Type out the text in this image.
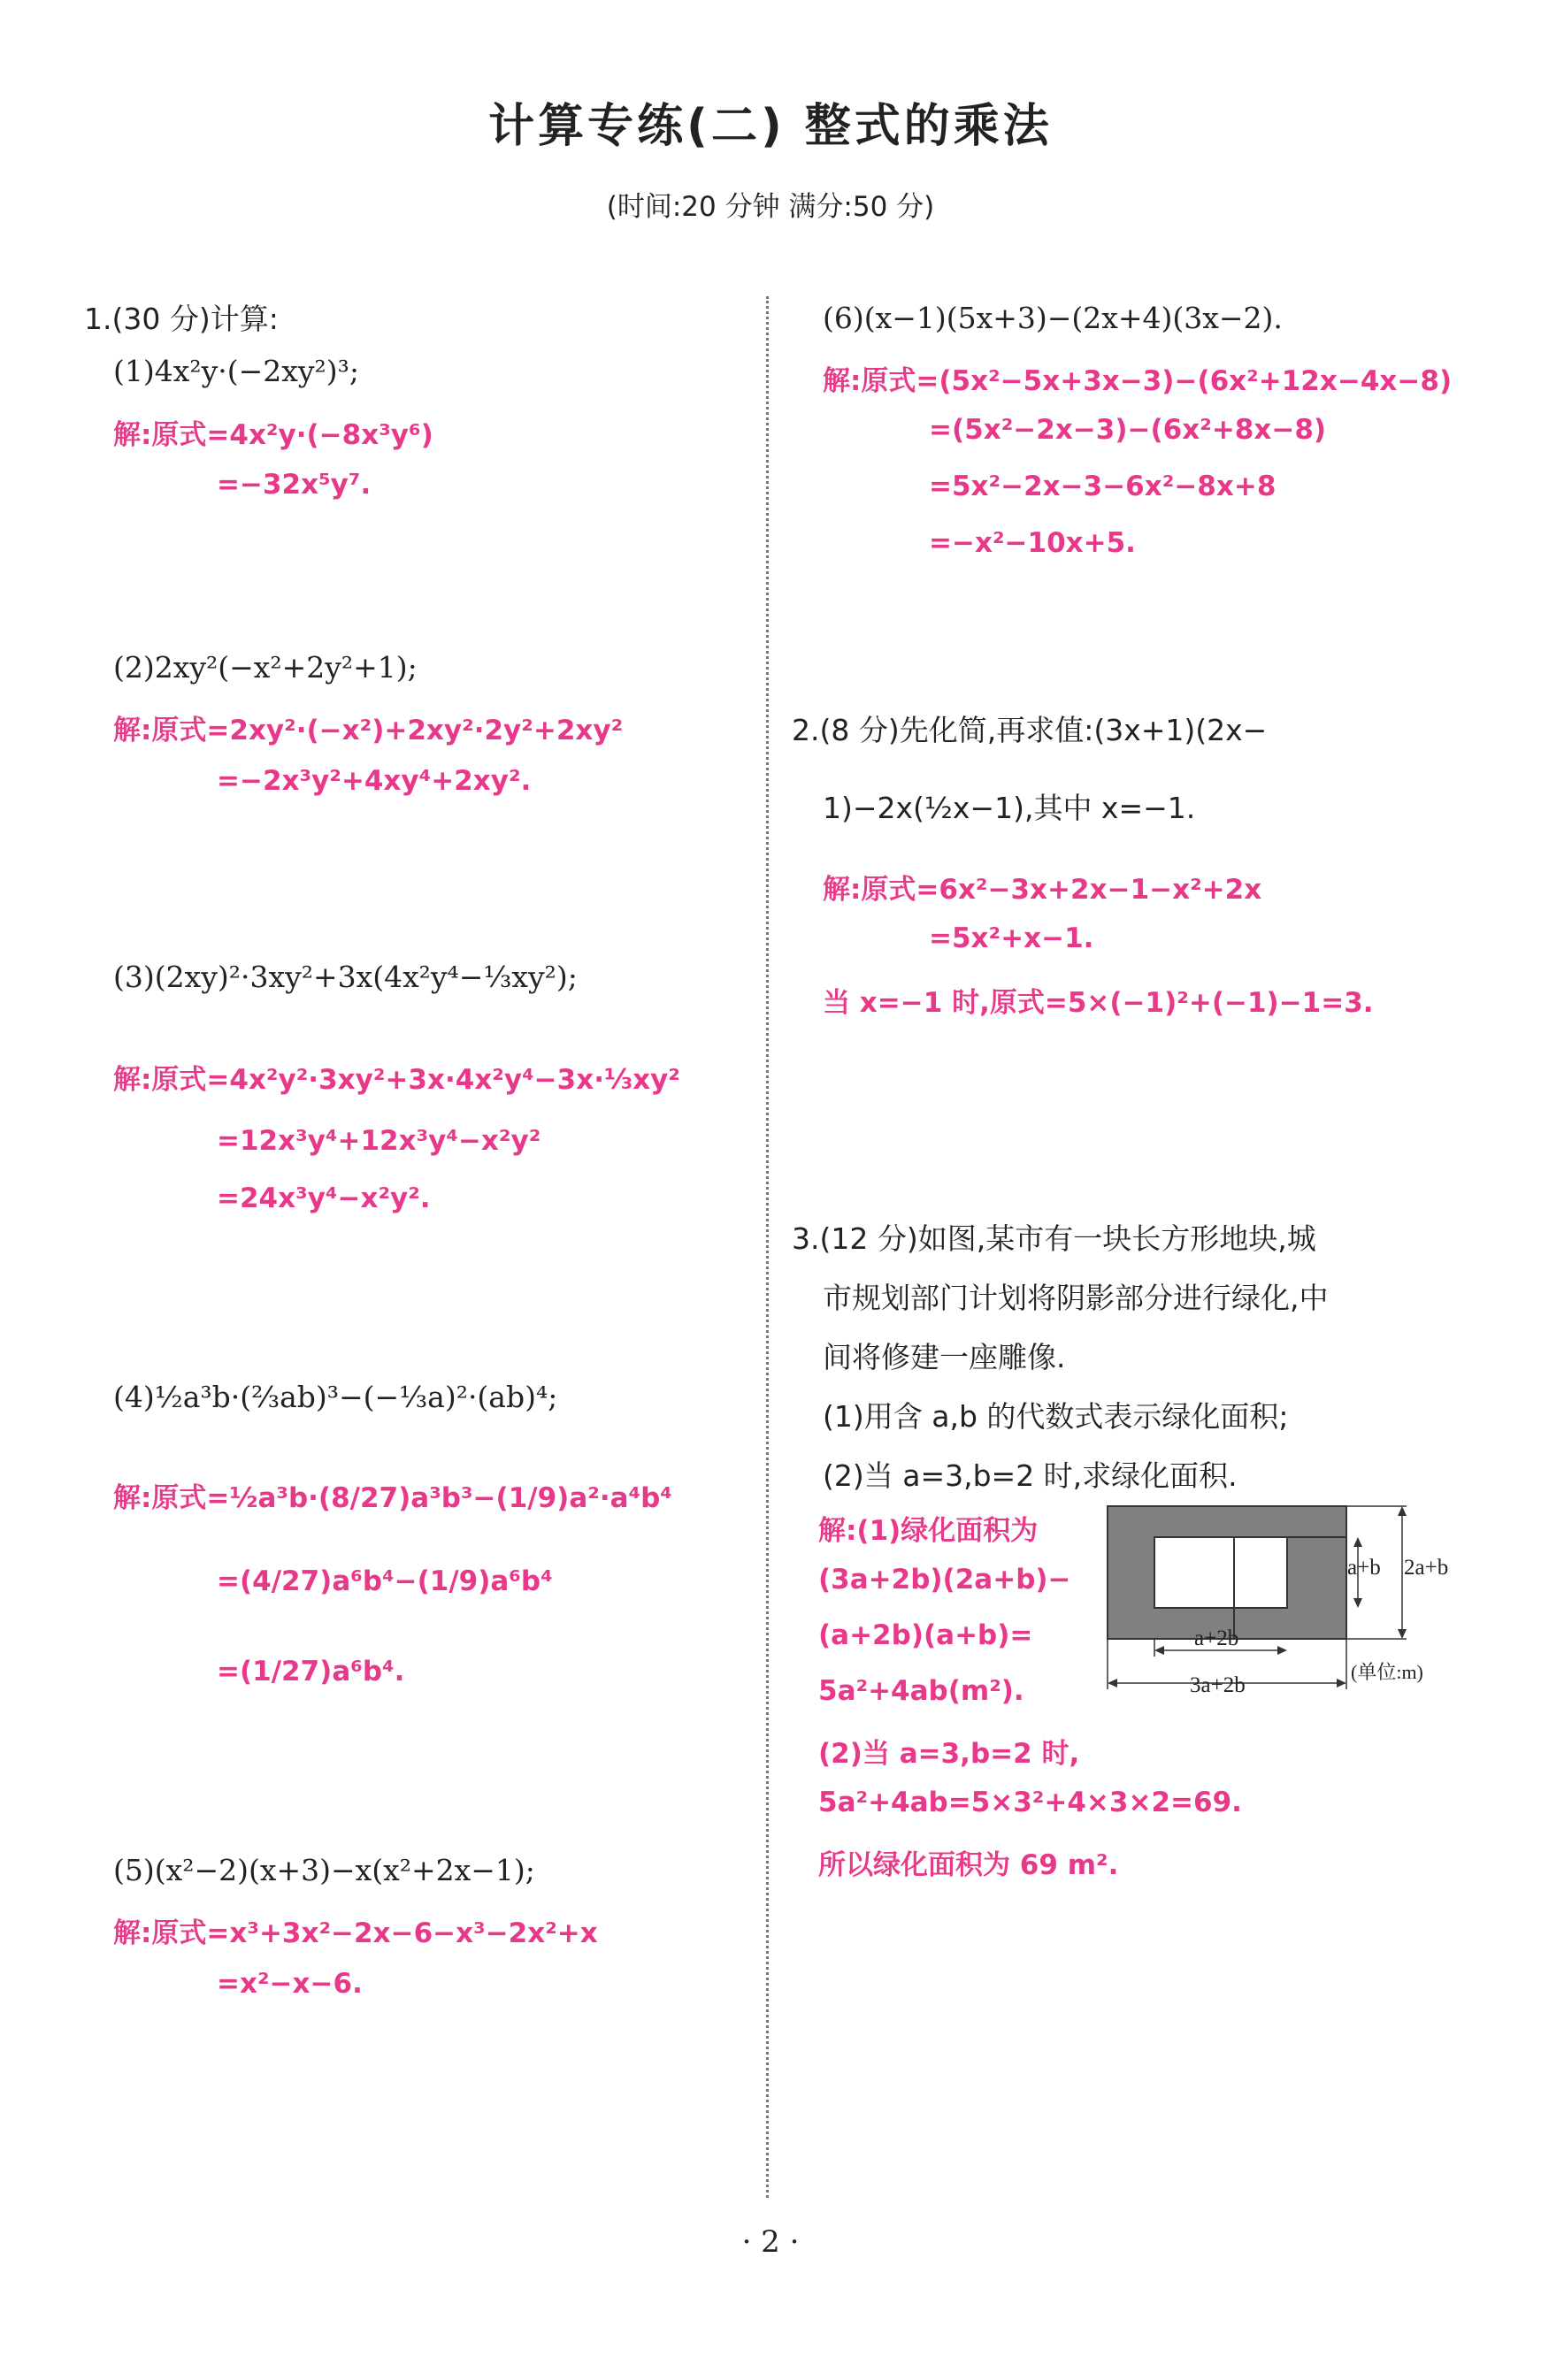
计算专练(二) 整式的乘法
(时间:20 分钟 满分:50 分)
1.(30 分)计算:
(1)4x²y·(−2xy²)³;
解:原式=4x²y·(−8x³y⁶)
=−32x⁵y⁷.
(2)2xy²(−x²+2y²+1);
解:原式=2xy²·(−x²)+2xy²·2y²+2xy²
=−2x³y²+4xy⁴+2xy².
(3)(2xy)²·3xy²+3x(4x²y⁴−⅓xy²);
解:原式=4x²y²·3xy²+3x·4x²y⁴−3x·⅓xy²
=12x³y⁴+12x³y⁴−x²y²
=24x³y⁴−x²y².
(4)½a³b·(⅔ab)³−(−⅓a)²·(ab)⁴;
解:原式=½a³b·(8/27)a³b³−(1/9)a²·a⁴b⁴
=(4/27)a⁶b⁴−(1/9)a⁶b⁴
=(1/27)a⁶b⁴.
(5)(x²−2)(x+3)−x(x²+2x−1);
解:原式=x³+3x²−2x−6−x³−2x²+x
=x²−x−6.
(6)(x−1)(5x+3)−(2x+4)(3x−2).
解:原式=(5x²−5x+3x−3)−(6x²+12x−4x−8)
=(5x²−2x−3)−(6x²+8x−8)
=5x²−2x−3−6x²−8x+8
=−x²−10x+5.
2.(8 分)先化简,再求值:(3x+1)(2x−
1)−2x(½x−1),其中 x=−1.
解:原式=6x²−3x+2x−1−x²+2x
=5x²+x−1.
当 x=−1 时,原式=5×(−1)²+(−1)−1=3.
3.(12 分)如图,某市有一块长方形地块,城
市规划部门计划将阴影部分进行绿化,中
间将修建一座雕像.
(1)用含 a,b 的代数式表示绿化面积;
(2)当 a=3,b=2 时,求绿化面积.
解:(1)绿化面积为
(3a+2b)(2a+b)−
(a+2b)(a+b)=
5a²+4ab(m²).
(2)当 a=3,b=2 时,
5a²+4ab=5×3²+4×3×2=69.
所以绿化面积为 69 m².
a+b 2a+b
a+2b
3a+2b
(单位:m)
· 2 ·
